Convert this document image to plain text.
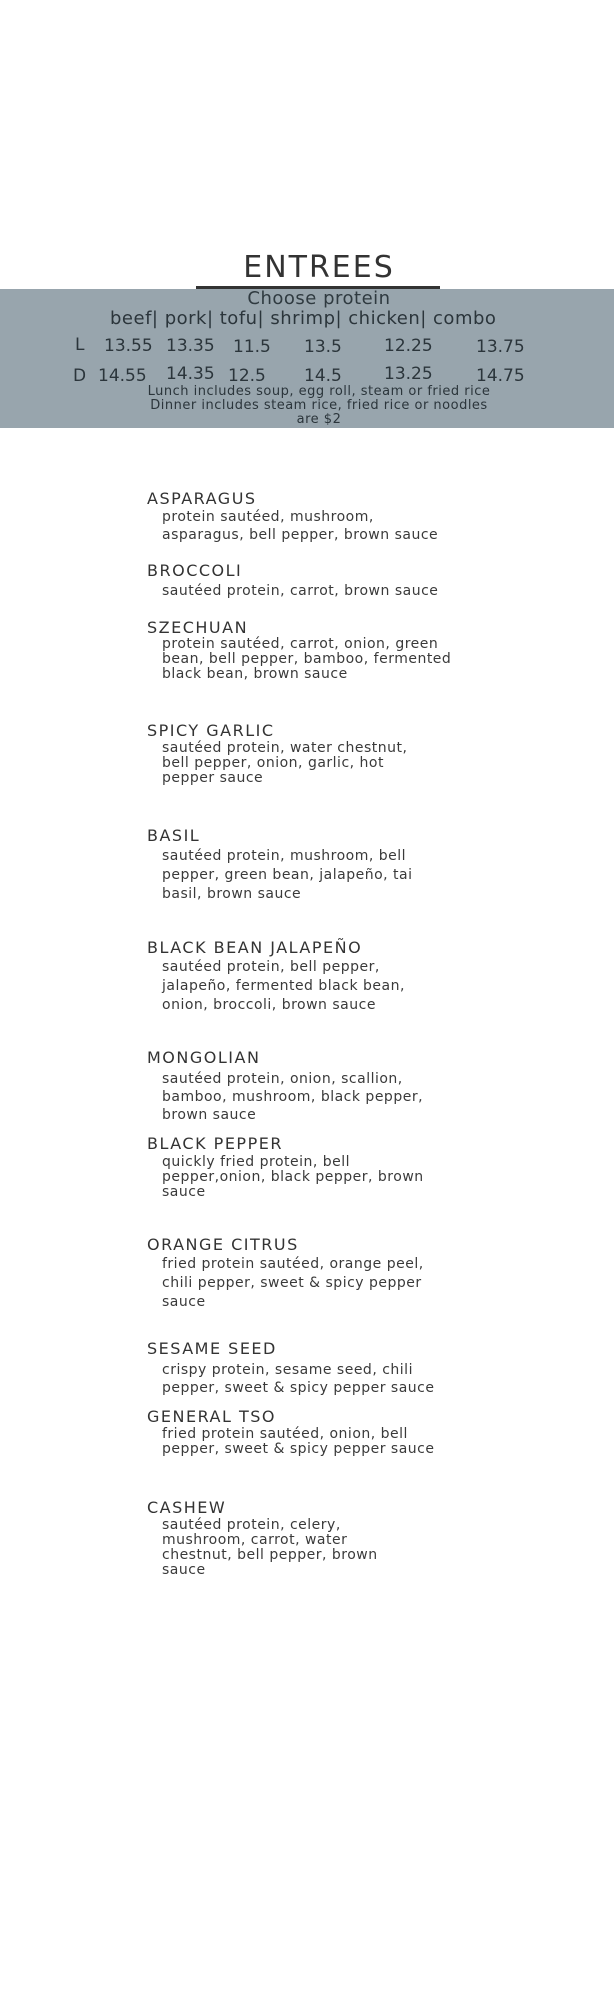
ENTREES
Choose protein
beef| pork| tofu| shrimp| chicken| combo
L 13.55 13.35 11.5 13.5 12.25	13.75
D 14.55 14.35 12.5 14.5 13.25	14.75
Lunch includes soup, egg roll, steam or fried rice
Dinner includes steam rice, fried rice or noodles
are $2
ASPARAGUS
protein sautéed, mushroom,
asparagus, bell pepper, brown sauce
BROCCOLI
sautéed protein, carrot, brown sauce
SZECHUAN
protein sautéed, carrot, onion, green
bean, bell pepper, bamboo, fermented
black bean, brown sauce
SPICY GARLIC
sautéed protein, water chestnut,
bell pepper, onion, garlic, hot
pepper sauce
BASIL
sautéed protein, mushroom, bell
pepper, green bean, jalapeño, tai
basil, brown sauce
BLACK BEAN JALAPEÑO
sautéed protein, bell pepper,
jalapeño, fermented black bean,
onion, broccoli, brown sauce
MONGOLIAN
sautéed protein, onion, scallion,
bamboo, mushroom, black pepper,
brown sauce
BLACK PEPPER
quickly fried protein, bell
pepper,onion, black pepper, brown
sauce
ORANGE CITRUS
fried protein sautéed, orange peel,
chili pepper, sweet & spicy pepper
sauce
SESAME SEED
crispy protein, sesame seed, chili
pepper, sweet & spicy pepper sauce
GENERAL TSO
fried protein sautéed, onion, bell
pepper, sweet & spicy pepper sauce
CASHEW
sautéed protein, celery,
mushroom, carrot, water
chestnut, bell pepper, brown
sauce
